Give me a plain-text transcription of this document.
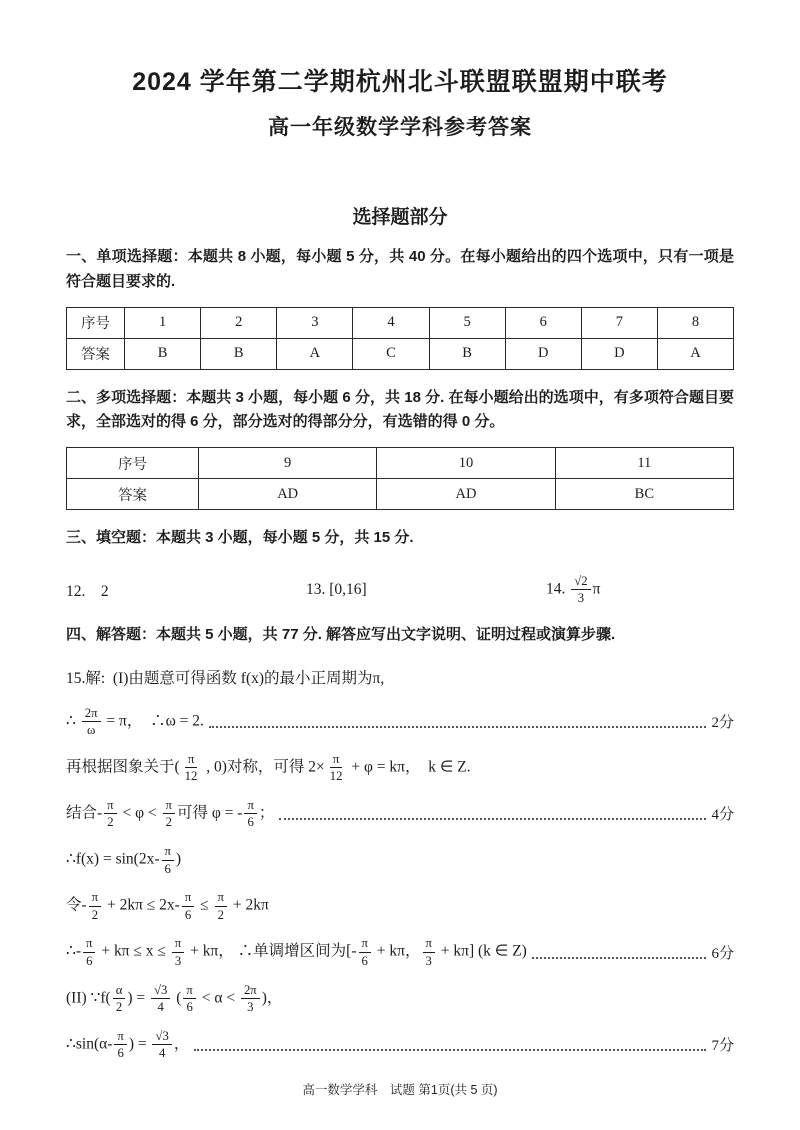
2024 学年第二学期杭州北斗联盟联盟期中联考
高一年级数学学科参考答案
选择题部分
一、单项选择题：本题共 8 小题，每小题 5 分，共 40 分。在每小题给出的四个选项中，只有一项是符合题目要求的.
序号	1	2	3	4	5	6	7	8
答案	B	B	A	C	B	D	D	A
二、多项选择题：本题共 3 小题，每小题 6 分，共 18 分. 在每小题给出的选项中，有多项符合题目要求，全部选对的得 6 分，部分选对的得部分分，有选错的得 0 分。
序号	9	10	11
答案	AD	AD	BC
三、填空题：本题共 3 小题，每小题 5 分，共 15 分.
12.　2	13. [0,16]	14. $\frac{√2}{3}$ π
四、解答题：本题共 5 小题，共 77 分. 解答应写出文字说明、证明过程或演算步骤.
15.解:  (I)由题意可得函数 f(x)的最小正周期为π,
∴ $\frac{2\pi}{\omega} = \pi$，  ∴ω = 2.	2分
再根据图象关于( $\frac{\pi}{12}$ , 0)对称，可得 $2\times \frac{\pi}{12} + \varphi = k\pi$，  k ∈ Z.
结合- $\frac{\pi}{2} < \varphi < \frac{\pi}{2}$ 可得 φ = - $\frac{\pi}{6}$ ；	4分
∴f(x) = $\sin(2x- \frac{\pi}{6}$ )
令- $\frac{\pi}{2} + 2k\pi \le 2x- \frac{\pi}{6} \le \frac{\pi}{2} + 2k\pi$
∴- $\frac{\pi}{6} + k\pi \le x \le \frac{\pi}{3} + k\pi$， ∴单调增区间为[- $\frac{\pi}{6} + k\pi$， $\frac{\pi}{3} + k\pi$] (k ∈ Z)	6分
(II) ∵f( $\frac{\alpha}{2}$ ) = $\frac{√3}{4}$ ( $\frac{\pi}{6} < \alpha < \frac{2\pi}{3}$ )，
∴sin(α- $\frac{\pi}{6}$ ) = $\frac{√3}{4}$ ，	7分
高一数学学科　试题 第1页(共 5 页)
